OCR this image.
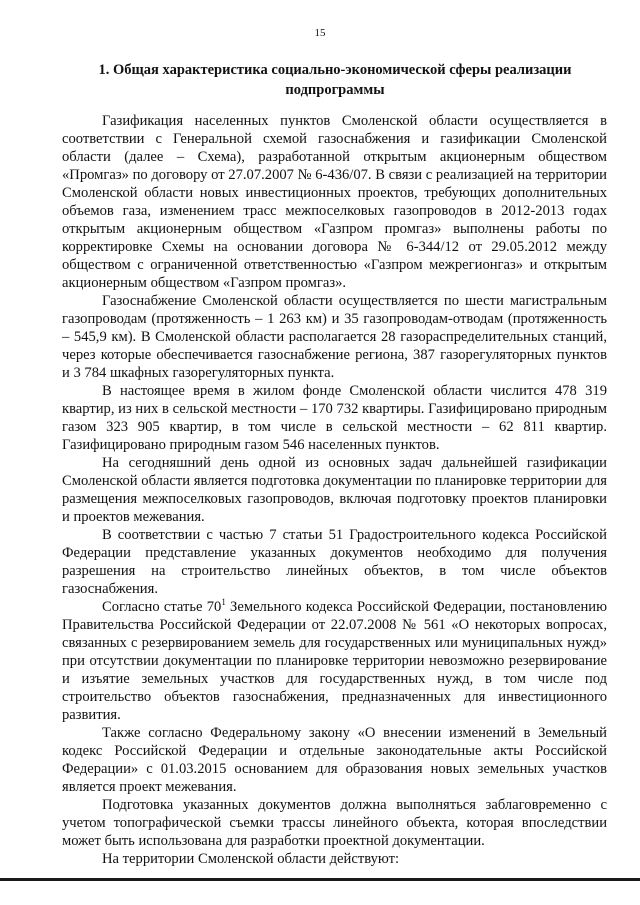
15
1. Общая характеристика социально-экономической сферы реализации
подпрограммы

Газификация населенных пунктов Смоленской области осуществляется в соответствии с Генеральной схемой газоснабжения и газификации Смоленской области (далее – Схема), разработанной открытым акционерным обществом «Промгаз» по договору от 27.07.2007 № 6-436/07. В связи с реализацией на территории Смоленской области новых инвестиционных проектов, требующих дополнительных объемов газа, изменением трасс межпоселковых газопроводов в 2012-2013 годах открытым акционерным обществом «Газпром промгаз» выполнены работы по корректировке Схемы на основании договора № 6-344/12 от 29.05.2012 между обществом с ограниченной ответственностью «Газпром межрегионгаз» и открытым акционерным обществом «Газпром промгаз».

Газоснабжение Смоленской области осуществляется по шести магистральным газопроводам (протяженность – 1 263 км) и 35 газопроводам-отводам (протяженность – 545,9 км). В Смоленской области располагается 28 газораспределительных станций, через которые обеспечивается газоснабжение региона, 387 газорегуляторных пунктов и 3 784 шкафных газорегуляторных пункта.

В настоящее время в жилом фонде Смоленской области числится 478 319 квартир, из них в сельской местности – 170 732 квартиры. Газифицировано природным газом 323 905 квартир, в том числе в сельской местности – 62 811 квартир. Газифицировано природным газом 546 населенных пунктов.

На сегодняшний день одной из основных задач дальнейшей газификации Смоленской области является подготовка документации по планировке территории для размещения межпоселковых газопроводов, включая подготовку проектов планировки и проектов межевания.

В соответствии с частью 7 статьи 51 Градостроительного кодекса Российской Федерации представление указанных документов необходимо для получения разрешения на строительство линейных объектов, в том числе объектов газоснабжения.

Согласно статье $70^1$ Земельного кодекса Российской Федерации, постановлению Правительства Российской Федерации от 22.07.2008 № 561 «О некоторых вопросах, связанных с резервированием земель для государственных или муниципальных нужд» при отсутствии документации по планировке территории невозможно резервирование и изъятие земельных участков для государственных нужд, в том числе под строительство объектов газоснабжения, предназначенных для инвестиционного развития.

Также согласно Федеральному закону «О внесении изменений в Земельный кодекс Российской Федерации и отдельные законодательные акты Российской Федерации» с 01.03.2015 основанием для образования новых земельных участков является проект межевания.

Подготовка указанных документов должна выполняться заблаговременно с учетом топографической съемки трассы линейного объекта, которая впоследствии может быть использована для разработки проектной документации.

На территории Смоленской области действуют:
